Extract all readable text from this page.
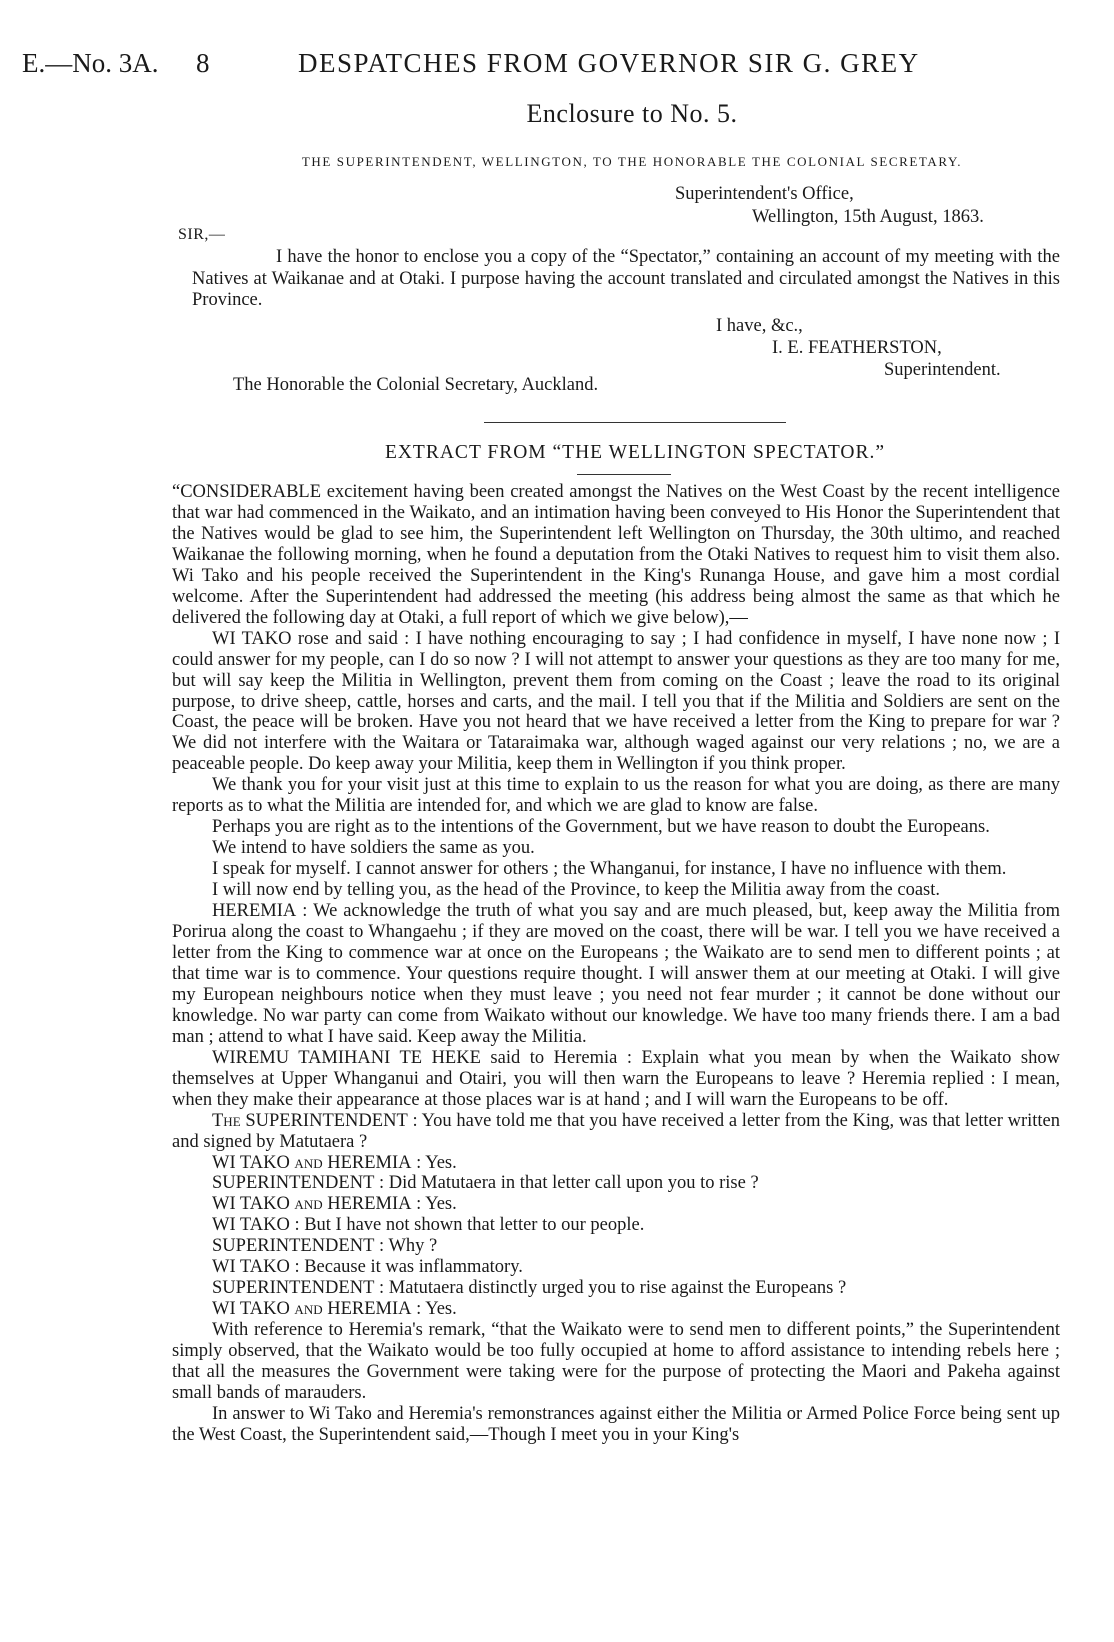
E.—No. 3A. 8	DESPATCHES FROM GOVERNOR SIR G. GREY
Enclosure to No. 5.
THE SUPERINTENDENT, WELLINGTON, TO THE HONORABLE THE COLONIAL SECRETARY.
Superintendent's Office,
Wellington, 15th August, 1863.
SIR,—

I have the honor to enclose you a copy of the “Spectator,” containing an account of my meeting with the Natives at Waikanae and at Otaki. I purpose having the account translated and circulated amongst the Natives in this Province.

I have, &c.,
I. E. FEATHERSTON,
Superintendent.
The Honorable the Colonial Secretary, Auckland.
EXTRACT FROM “THE WELLINGTON SPECTATOR.”

“CONSIDERABLE excitement having been created amongst the Natives on the West Coast by the recent intelligence that war had commenced in the Waikato, and an intimation having been conveyed to His Honor the Superintendent that the Natives would be glad to see him, the Superintendent left Wellington on Thursday, the 30th ultimo, and reached Waikanae the following morning, when he found a deputation from the Otaki Natives to request him to visit them also. Wi Tako and his people received the Superintendent in the King's Runanga House, and gave him a most cordial welcome. After the Superintendent had addressed the meeting (his address being almost the same as that which he delivered the following day at Otaki, a full report of which we give below),—

WI TAKO rose and said : I have nothing encouraging to say ; I had confidence in myself, I have none now ; I could answer for my people, can I do so now ? I will not attempt to answer your questions as they are too many for me, but will say keep the Militia in Wellington, prevent them from coming on the Coast ; leave the road to its original purpose, to drive sheep, cattle, horses and carts, and the mail. I tell you that if the Militia and Soldiers are sent on the Coast, the peace will be broken. Have you not heard that we have received a letter from the King to prepare for war ? We did not interfere with the Waitara or Tataraimaka war, although waged against our very relations ; no, we are a peaceable people. Do keep away your Militia, keep them in Wellington if you think proper.

We thank you for your visit just at this time to explain to us the reason for what you are doing, as there are many reports as to what the Militia are intended for, and which we are glad to know are false.

Perhaps you are right as to the intentions of the Government, but we have reason to doubt the Europeans.

We intend to have soldiers the same as you.

I speak for myself. I cannot answer for others ; the Whanganui, for instance, I have no influence with them.

I will now end by telling you, as the head of the Province, to keep the Militia away from the coast.

HEREMIA : We acknowledge the truth of what you say and are much pleased, but, keep away the Militia from Porirua along the coast to Whangaehu ; if they are moved on the coast, there will be war. I tell you we have received a letter from the King to commence war at once on the Europeans ; the Waikato are to send men to different points ; at that time war is to commence. Your questions require thought. I will answer them at our meeting at Otaki. I will give my European neighbours notice when they must leave ; you need not fear murder ; it cannot be done without our knowledge. No war party can come from Waikato without our knowledge. We have too many friends there. I am a bad man ; attend to what I have said. Keep away the Militia.

WIREMU TAMIHANI TE HEKE said to Heremia : Explain what you mean by when the Waikato show themselves at Upper Whanganui and Otairi, you will then warn the Europeans to leave ? Heremia replied : I mean, when they make their appearance at those places war is at hand ; and I will warn the Europeans to be off.

The SUPERINTENDENT : You have told me that you have received a letter from the King, was that letter written and signed by Matutaera ?

WI TAKO and HEREMIA : Yes.

SUPERINTENDENT : Did Matutaera in that letter call upon you to rise ?

WI TAKO and HEREMIA : Yes.

WI TAKO : But I have not shown that letter to our people.

SUPERINTENDENT : Why ?

WI TAKO : Because it was inflammatory.

SUPERINTENDENT : Matutaera distinctly urged you to rise against the Europeans ?

WI TAKO and HEREMIA : Yes.

With reference to Heremia's remark, “that the Waikato were to send men to different points,” the Superintendent simply observed, that the Waikato would be too fully occupied at home to afford assistance to intending rebels here ; that all the measures the Government were taking were for the purpose of protecting the Maori and Pakeha against small bands of marauders.

In answer to Wi Tako and Heremia's remonstrances against either the Militia or Armed Police Force being sent up the West Coast, the Superintendent said,—Though I meet you in your King's
